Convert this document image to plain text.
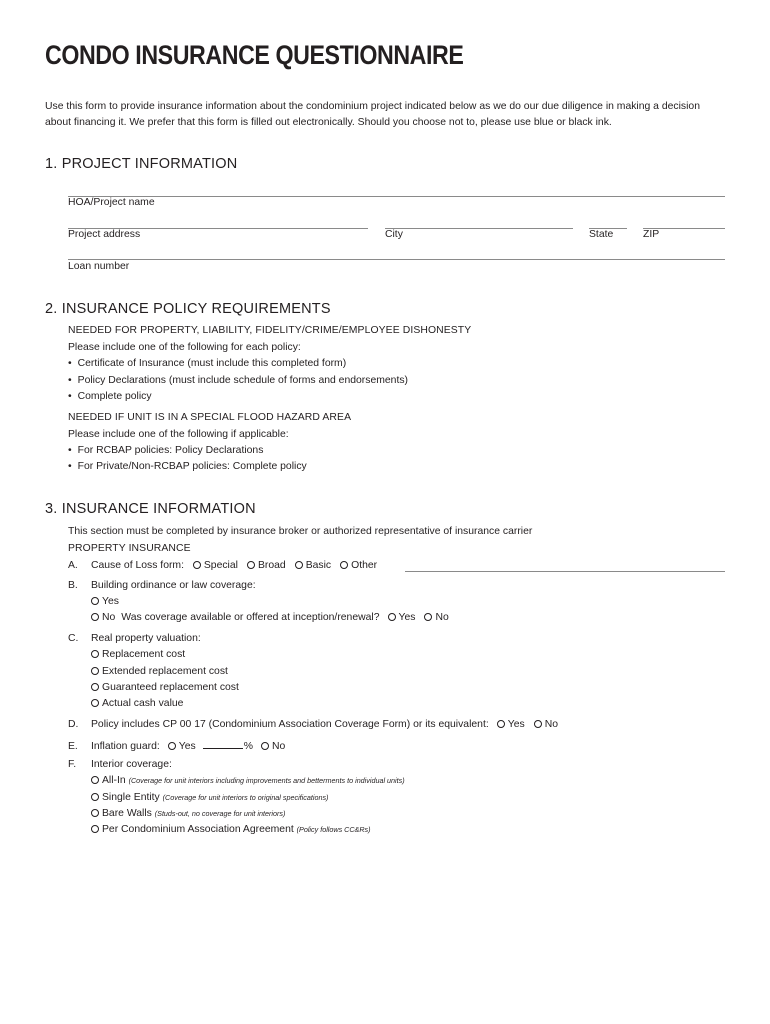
CONDO INSURANCE QUESTIONNAIRE
Use this form to provide insurance information about the condominium project indicated below as we do our due diligence in making a decision about financing it. We prefer that this form is filled out electronically. Should you choose not to, please use blue or black ink.
1. PROJECT INFORMATION
HOA/Project name
Project address	City	State	ZIP
Loan number
2. INSURANCE POLICY REQUIREMENTS
NEEDED FOR PROPERTY, LIABILITY, FIDELITY/CRIME/EMPLOYEE DISHONESTY
Please include one of the following for each policy:
• Certificate of Insurance (must include this completed form)
• Policy Declarations (must include schedule of forms and endorsements)
• Complete policy
NEEDED IF UNIT IS IN A SPECIAL FLOOD HAZARD AREA
Please include one of the following if applicable:
• For RCBAP policies: Policy Declarations
• For Private/Non-RCBAP policies: Complete policy
3. INSURANCE INFORMATION
This section must be completed by insurance broker or authorized representative of insurance carrier
PROPERTY INSURANCE
A. Cause of Loss form: Special Broad Basic Other
B. Building ordinance or law coverage:
Yes
No Was coverage available or offered at inception/renewal? Yes No
C. Real property valuation:
Replacement cost
Extended replacement cost
Guaranteed replacement cost
Actual cash value
D. Policy includes CP 00 17 (Condominium Association Coverage Form) or its equivalent: Yes No
E. Inflation guard: Yes	% No
F. Interior coverage:
All-In (Coverage for unit interiors including improvements and betterments to individual units)
Single Entity (Coverage for unit interiors to original specifications)
Bare Walls (Studs-out, no coverage for unit interiors)
Per Condominium Association Agreement (Policy follows CC&Rs)
